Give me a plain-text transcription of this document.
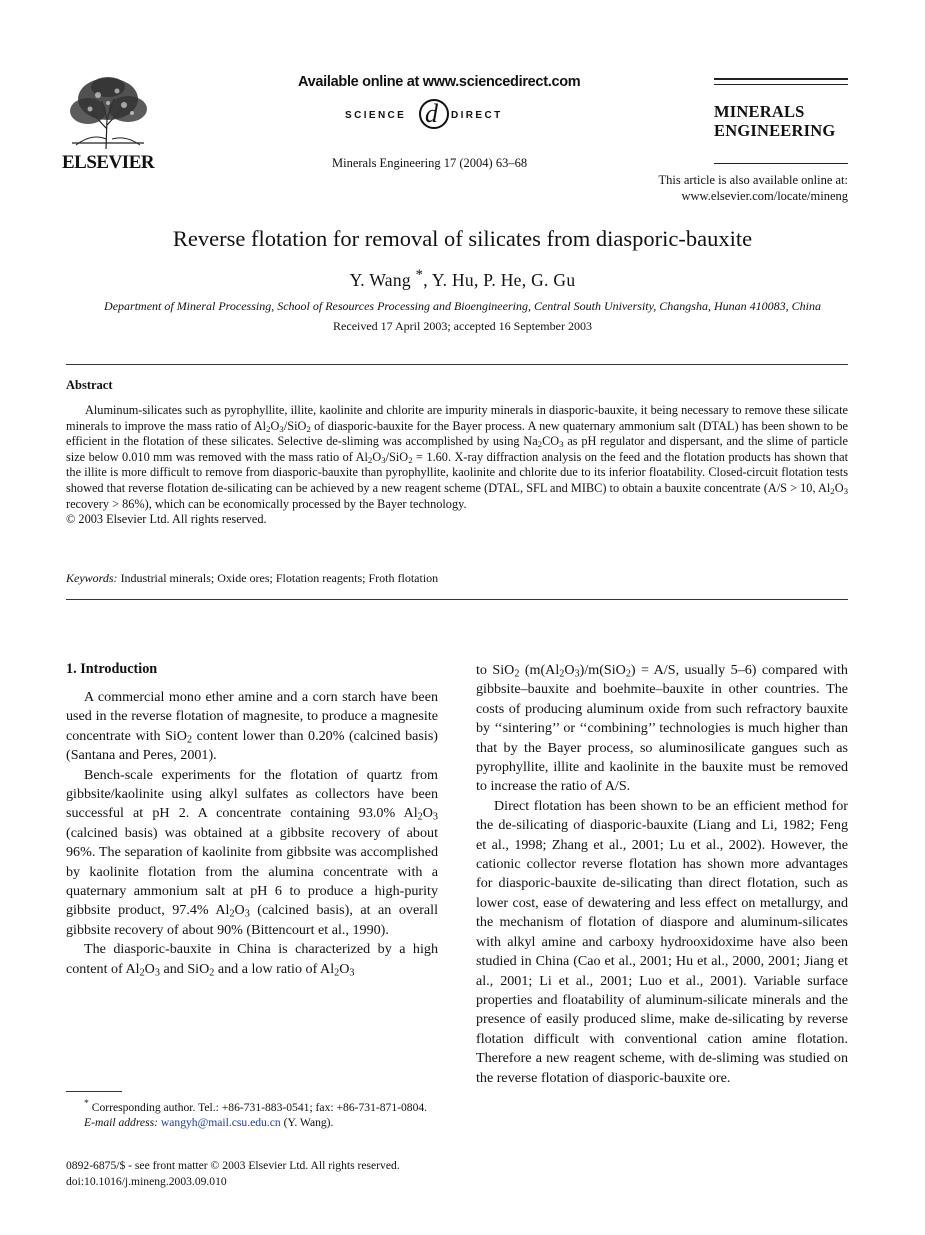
ELSEVIER
Available online at www.sciencedirect.com
SCIENCE d DIRECT
Minerals Engineering 17 (2004) 63–68
MINERALS
ENGINEERING
This article is also available online at:
www.elsevier.com/locate/mineng
Reverse flotation for removal of silicates from diasporic-bauxite
Y. Wang *, Y. Hu, P. He, G. Gu
Department of Mineral Processing, School of Resources Processing and Bioengineering, Central South University, Changsha, Hunan 410083, China
Received 17 April 2003; accepted 16 September 2003
Abstract
Aluminum-silicates such as pyrophyllite, illite, kaolinite and chlorite are impurity minerals in diasporic-bauxite, it being necessary to remove these silicate minerals to improve the mass ratio of $Al_2O_3/SiO_2$ of diasporic-bauxite for the Bayer process. A new quaternary ammonium salt (DTAL) has been shown to be efficient in the flotation of these silicates. Selective de-sliming was accomplished by using $Na_2CO_3$ as pH regulator and dispersant, and the slime of particle size below 0.010 mm was removed with the mass ratio of $Al_2O_3/SiO_2 = 1.60$. X-ray diffraction analysis on the feed and the flotation products has shown that the illite is more difficult to remove from diasporic-bauxite than pyrophyllite, kaolinite and chlorite due to its inferior floatability. Closed-circuit flotation tests showed that reverse flotation de-silicating can be achieved by a new reagent scheme (DTAL, SFL and MIBC) to obtain a bauxite concentrate (A/S > 10, $Al_2O_3$ recovery > 86%), which can be economically processed by the Bayer technology.
© 2003 Elsevier Ltd. All rights reserved.
Keywords: Industrial minerals; Oxide ores; Flotation reagents; Froth flotation
1. Introduction

A commercial mono ether amine and a corn starch have been used in the reverse flotation of magnesite, to produce a magnesite concentrate with SiO$_2$ content lower than 0.20% (calcined basis) (Santana and Peres, 2001).

Bench-scale experiments for the flotation of quartz from gibbsite/kaolinite using alkyl sulfates as collectors have been successful at pH 2. A concentrate containing 93.0% $Al_2O_3$ (calcined basis) was obtained at a gibbsite recovery of about 96%. The separation of kaolinite from gibbsite was accomplished by kaolinite flotation from the alumina concentrate with a quaternary ammonium salt at pH 6 to produce a high-purity gibbsite product, 97.4% $Al_2O_3$ (calcined basis), at an overall gibbsite recovery of about 90% (Bittencourt et al., 1990).

The diasporic-bauxite in China is characterized by a high content of $Al_2O_3$ and SiO$_2$ and a low ratio of $Al_2O_3$

to SiO$_2$ ($m(Al_2O_3)/m(SiO_2) = A/S$, usually 5–6) compared with gibbsite–bauxite and boehmite–bauxite in other countries. The costs of producing aluminum oxide from such refractory bauxite by ‘‘sintering’’ or ‘‘combining’’ technologies is much higher than that by the Bayer process, so aluminosilicate gangues such as pyrophyllite, illite and kaolinite in the bauxite must be removed to increase the ratio of A/S.

Direct flotation has been shown to be an efficient method for the de-silicating of diasporic-bauxite (Liang and Li, 1982; Feng et al., 1998; Zhang et al., 2001; Lu et al., 2002). However, the cationic collector reverse flotation has shown more advantages for diasporic-bauxite de-silicating than direct flotation, such as lower cost, ease of dewatering and less effect on metallurgy, and the mechanism of flotation of diaspore and aluminum-silicates with alkyl amine and carboxy hydrooxidoxime have also been studied in China (Cao et al., 2001; Hu et al., 2000, 2001; Jiang et al., 2001; Li et al., 2001; Luo et al., 2001). Variable surface properties and floatability of aluminum-silicate minerals and the presence of easily produced slime, make de-silicating by reverse flotation difficult with conventional cation amine flotation. Therefore a new reagent scheme, with de-sliming was studied on the reverse flotation of diasporic-bauxite ore.

* Corresponding author. Tel.: +86-731-883-0541; fax: +86-731-871-0804.
E-mail address: wangyh@mail.csu.edu.cn (Y. Wang).
0892-6875/$ - see front matter © 2003 Elsevier Ltd. All rights reserved.
doi:10.1016/j.mineng.2003.09.010
